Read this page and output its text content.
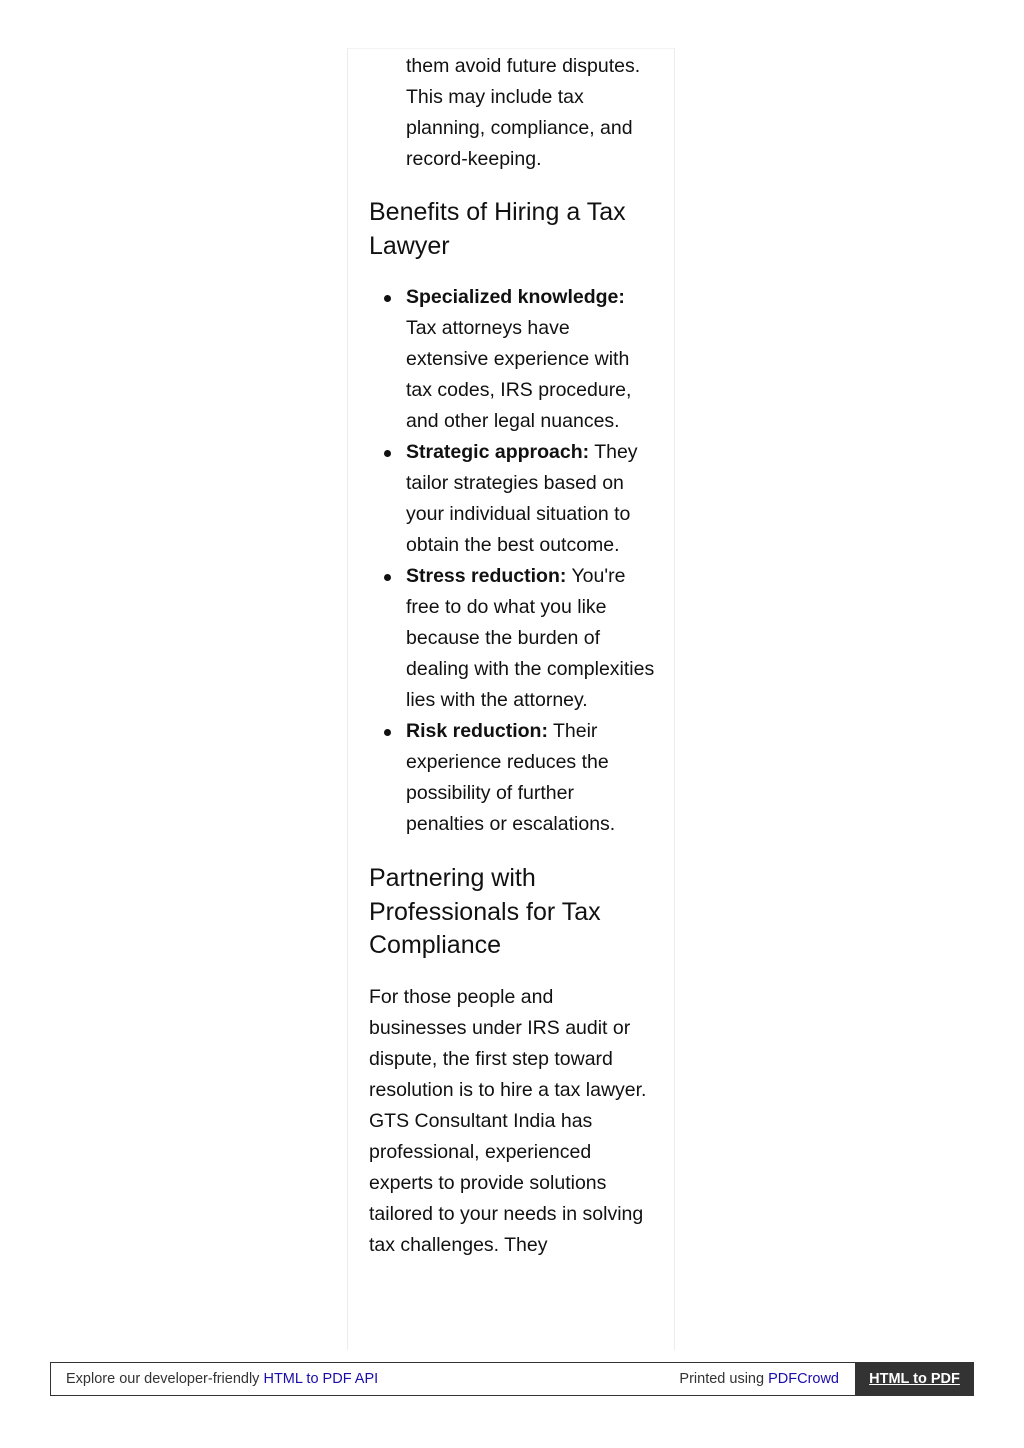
them avoid future disputes. This may include tax planning, compliance, and record-keeping.

Benefits of Hiring a Tax Lawyer
Specialized knowledge: Tax attorneys have extensive experience with tax codes, IRS procedure, and other legal nuances.
Strategic approach: They tailor strategies based on your individual situation to obtain the best outcome.
Stress reduction: You're free to do what you like because the burden of dealing with the complexities lies with the attorney.
Risk reduction: Their experience reduces the possibility of further penalties or escalations.
Partnering with Professionals for Tax Compliance

For those people and businesses under IRS audit or dispute, the first step toward resolution is to hire a tax lawyer. GTS Consultant India has professional, experienced experts to provide solutions tailored to your needs in solving tax challenges. They

Explore our developer-friendly HTML to PDF API	Printed using PDFCrowd	HTML to PDF
